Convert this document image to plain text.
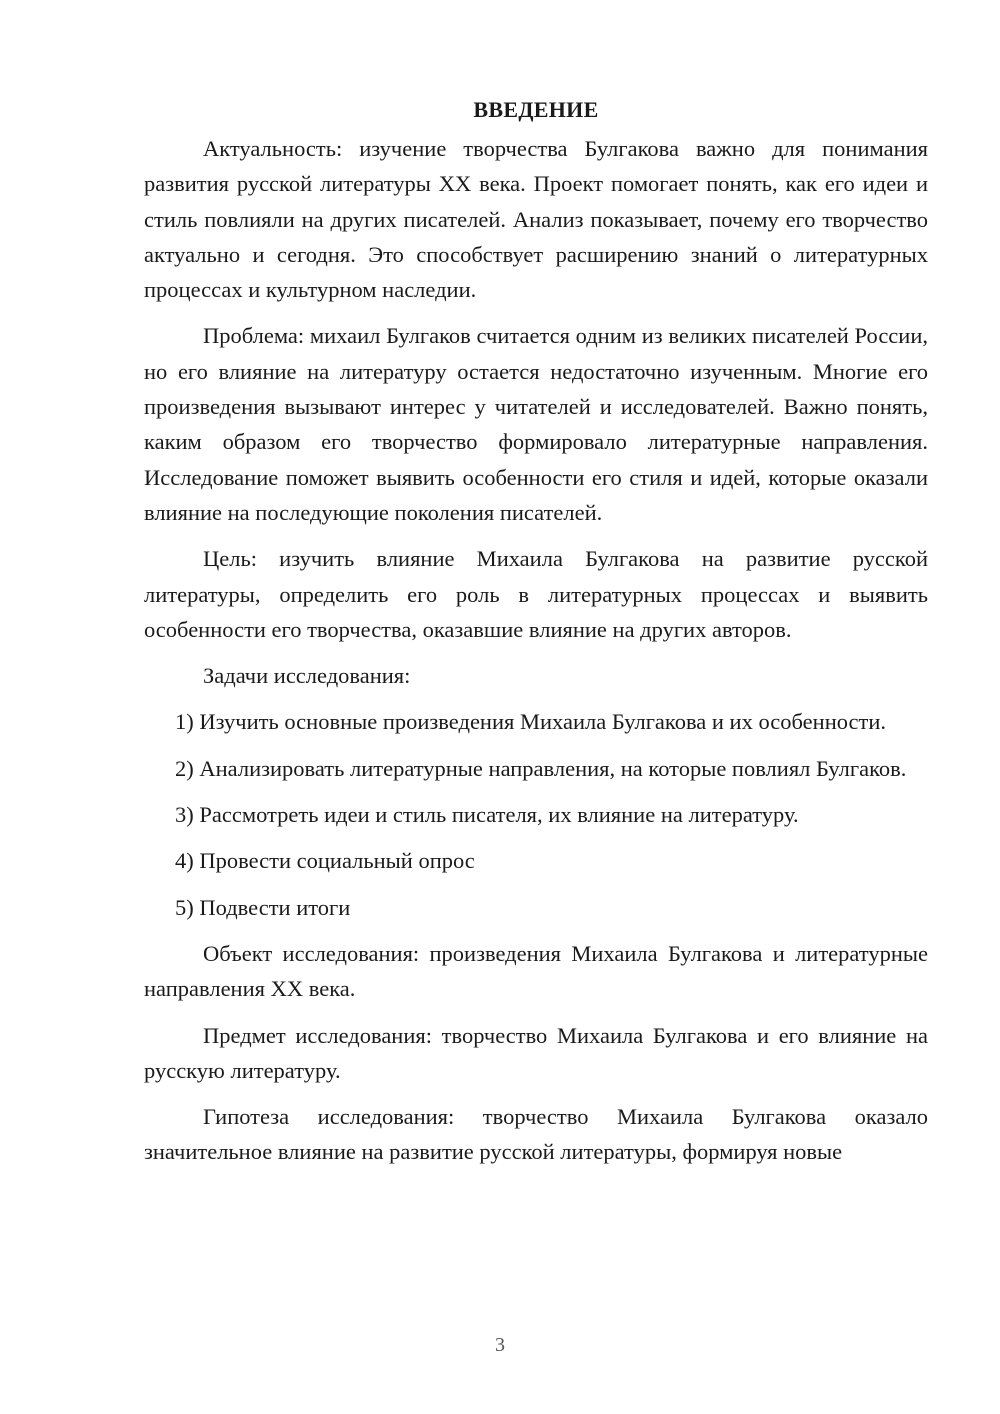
ВВЕДЕНИЕ

Актуальность: изучение творчества Булгакова важно для понимания развития русской литературы XX века. Проект помогает понять, как его идеи и стиль повлияли на других писателей. Анализ показывает, почему его творчество актуально и сегодня. Это способствует расширению знаний о литературных процессах и культурном наследии.

Проблема: михаил Булгаков считается одним из великих писателей России, но его влияние на литературу остается недостаточно изученным. Многие его произведения вызывают интерес у читателей и исследователей. Важно понять, каким образом его творчество формировало литературные направления. Исследование поможет выявить особенности его стиля и идей, которые оказали влияние на последующие поколения писателей.

Цель: изучить влияние Михаила Булгакова на развитие русской литературы, определить его роль в литературных процессах и выявить особенности его творчества, оказавшие влияние на других авторов.

Задачи исследования:

1) Изучить основные произведения Михаила Булгакова и их особенности.

2) Анализировать литературные направления, на которые повлиял Булгаков.

3) Рассмотреть идеи и стиль писателя, их влияние на литературу.

4) Провести социальный опрос

5) Подвести итоги

Объект исследования: произведения Михаила Булгакова и литературные направления XX века.

Предмет исследования: творчество Михаила Булгакова и его влияние на русскую литературу.

Гипотеза исследования: творчество Михаила Булгакова оказало значительное влияние на развитие русской литературы, формируя новые

3
